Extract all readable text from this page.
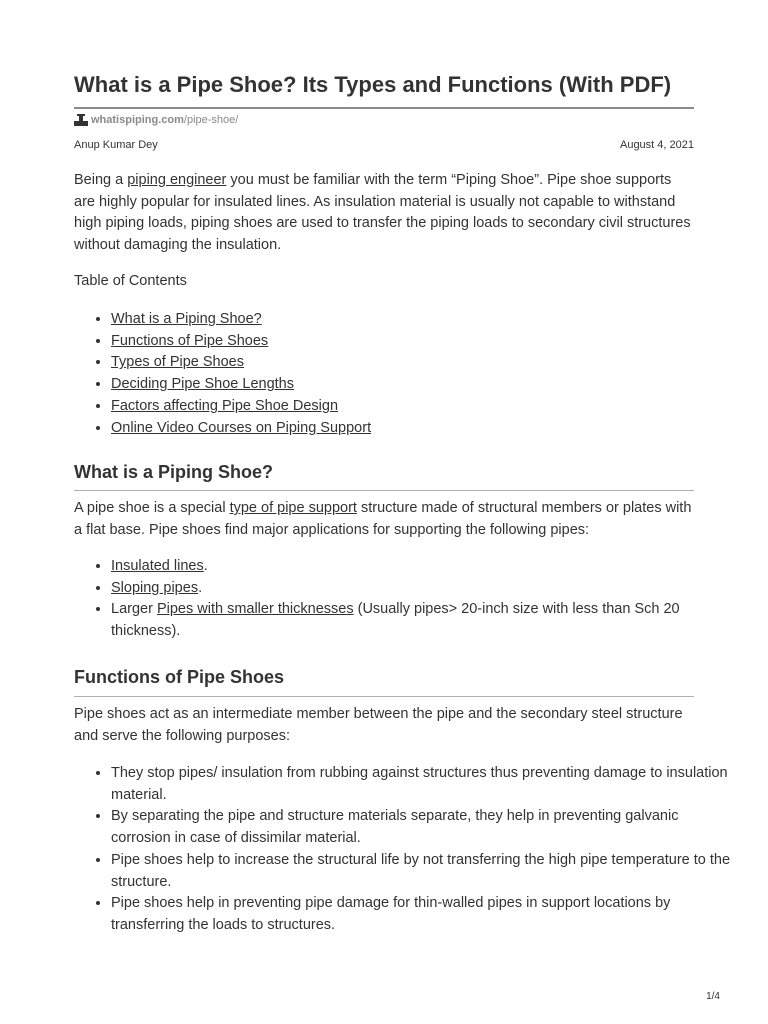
What is a Pipe Shoe? Its Types and Functions (With PDF)
whatispiping.com /pipe-shoe/
Anup Kumar Dey	August 4, 2021

Being a piping engineer you must be familiar with the term “Piping Shoe”. Pipe shoe supports are highly popular for insulated lines. As insulation material is usually not capable to withstand high piping loads, piping shoes are used to transfer the piping loads to secondary civil structures without damaging the insulation.

Table of Contents

• What is a Piping Shoe?
• Functions of Pipe Shoes
• Types of Pipe Shoes
• Deciding Pipe Shoe Lengths
• Factors affecting Pipe Shoe Design
• Online Video Courses on Piping Support
What is a Piping Shoe?

A pipe shoe is a special type of pipe support structure made of structural members or plates with a flat base. Pipe shoes find major applications for supporting the following pipes:

• Insulated lines.
• Sloping pipes.
• Larger Pipes with smaller thicknesses (Usually pipes> 20-inch size with less than Sch 20 thickness).
Functions of Pipe Shoes

Pipe shoes act as an intermediate member between the pipe and the secondary steel structure and serve the following purposes:

• They stop pipes/ insulation from rubbing against structures thus preventing damage to insulation material.
• By separating the pipe and structure materials separate, they help in preventing galvanic corrosion in case of dissimilar material.
• Pipe shoes help to increase the structural life by not transferring the high pipe temperature to the structure.
• Pipe shoes help in preventing pipe damage for thin-walled pipes in support locations by transferring the loads to structures.
1/4
